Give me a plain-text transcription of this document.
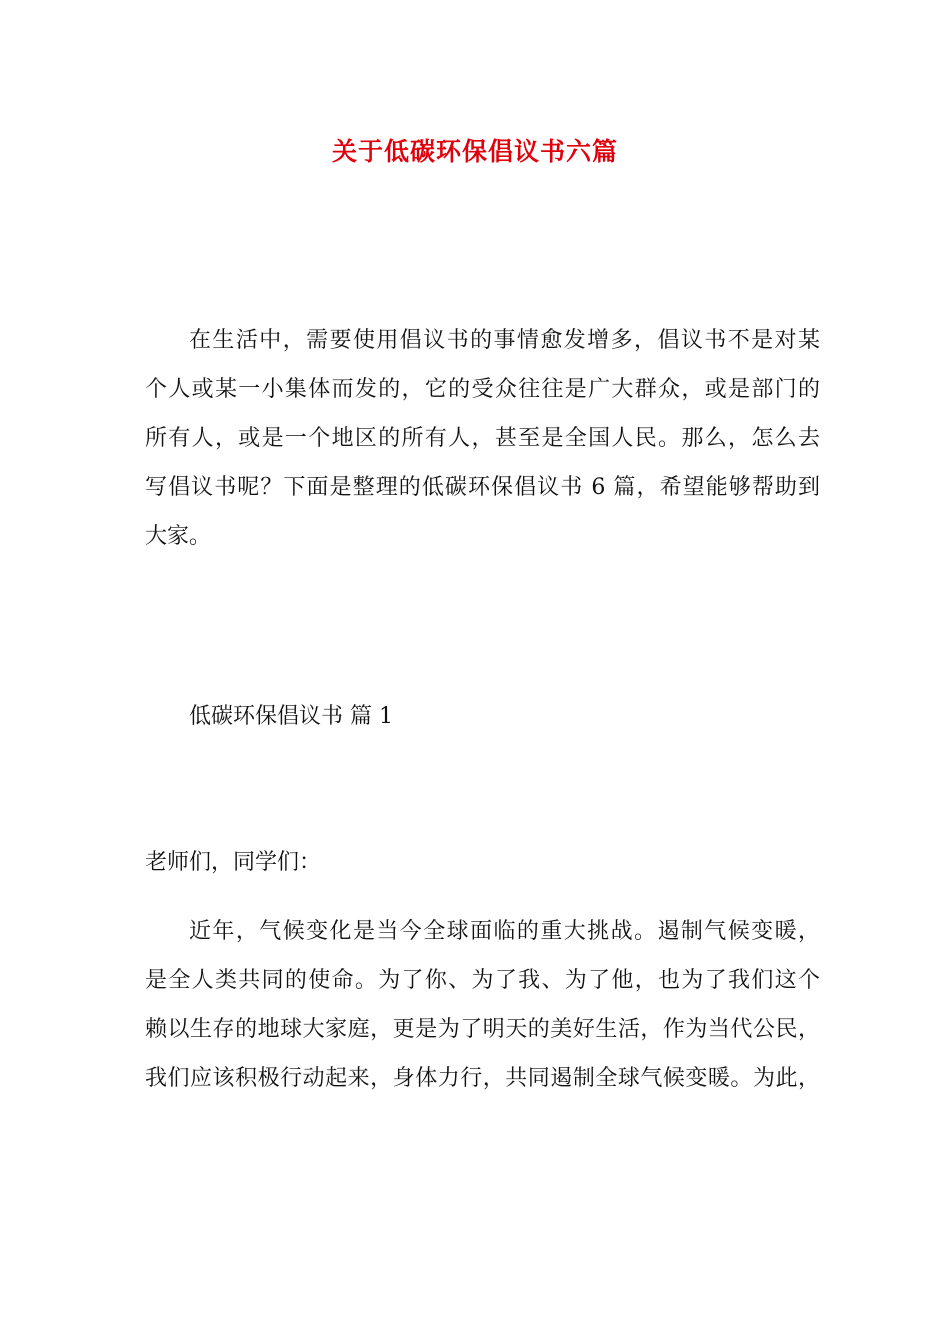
关于低碳环保倡议书六篇
在生活中，需要使用倡议书的事情愈发增多，倡议书不是对某
个人或某一小集体而发的，它的受众往往是广大群众，或是部门的
所有人，或是一个地区的所有人，甚至是全国人民。那么，怎么去
写倡议书呢？下面是整理的低碳环保倡议书 6 篇，希望能够帮助到
大家。
低碳环保倡议书 篇 1
老师们，同学们：
近年，气候变化是当今全球面临的重大挑战。遏制气候变暖，
是全人类共同的使命。为了你、为了我、为了他，也为了我们这个
赖以生存的地球大家庭，更是为了明天的美好生活，作为当代公民，
我们应该积极行动起来，身体力行，共同遏制全球气候变暖。为此，
